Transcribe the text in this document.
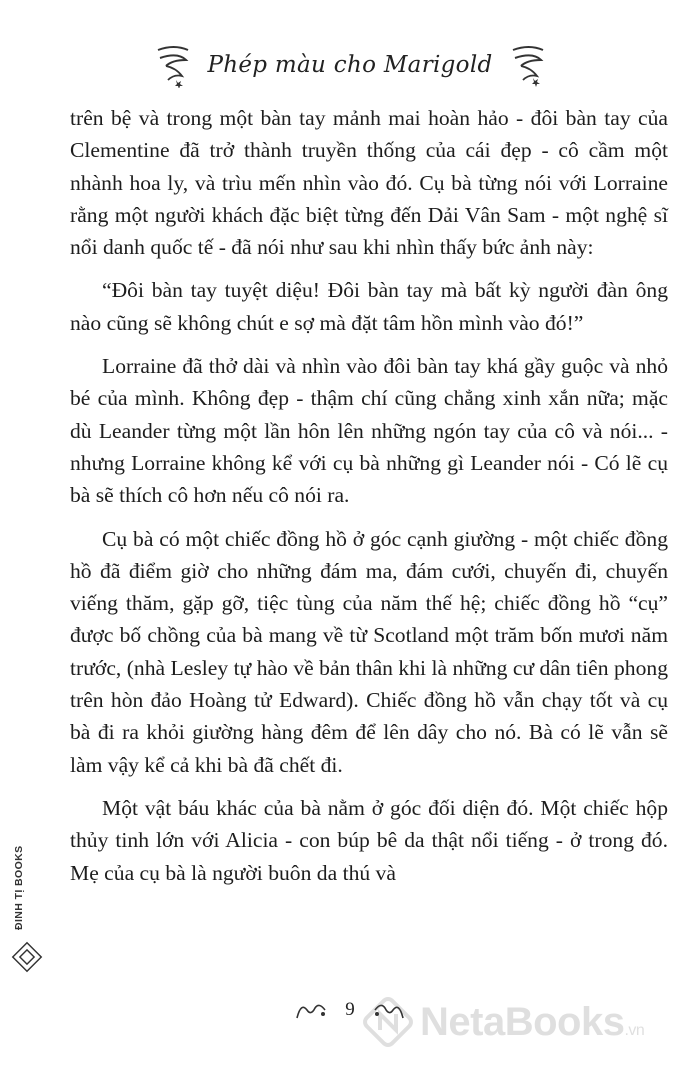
Phép màu cho Marigold

trên bệ và trong một bàn tay mảnh mai hoàn hảo - đôi bàn tay của Clementine đã trở thành truyền thống của cái đẹp - cô cầm một nhành hoa ly, và trìu mến nhìn vào đó. Cụ bà từng nói với Lorraine rằng một người khách đặc biệt từng đến Dải Vân Sam - một nghệ sĩ nổi danh quốc tế - đã nói như sau khi nhìn thấy bức ảnh này:

“Đôi bàn tay tuyệt diệu! Đôi bàn tay mà bất kỳ người đàn ông nào cũng sẽ không chút e sợ mà đặt tâm hồn mình vào đó!”

Lorraine đã thở dài và nhìn vào đôi bàn tay khá gầy guộc và nhỏ bé của mình. Không đẹp - thậm chí cũng chẳng xinh xắn nữa; mặc dù Leander từng một lần hôn lên những ngón tay của cô và nói... - nhưng Lorraine không kể với cụ bà những gì Leander nói - Có lẽ cụ bà sẽ thích cô hơn nếu cô nói ra.

Cụ bà có một chiếc đồng hồ ở góc cạnh giường - một chiếc đồng hồ đã điểm giờ cho những đám ma, đám cưới, chuyến đi, chuyến viếng thăm, gặp gỡ, tiệc tùng của năm thế hệ; chiếc đồng hồ “cụ” được bố chồng của bà mang về từ Scotland một trăm bốn mươi năm trước, (nhà Lesley tự hào về bản thân khi là những cư dân tiên phong trên hòn đảo Hoàng tử Edward). Chiếc đồng hồ vẫn chạy tốt và cụ bà đi ra khỏi giường hàng đêm để lên dây cho nó. Bà có lẽ vẫn sẽ làm vậy kể cả khi bà đã chết đi.

Một vật báu khác của bà nằm ở góc đối diện đó. Một chiếc hộp thủy tinh lớn với Alicia - con búp bê da thật nổi tiếng - ở trong đó. Mẹ của cụ bà là người buôn da thú và

ĐINH TỊ BOOKS
9 NetaBooks.vn
